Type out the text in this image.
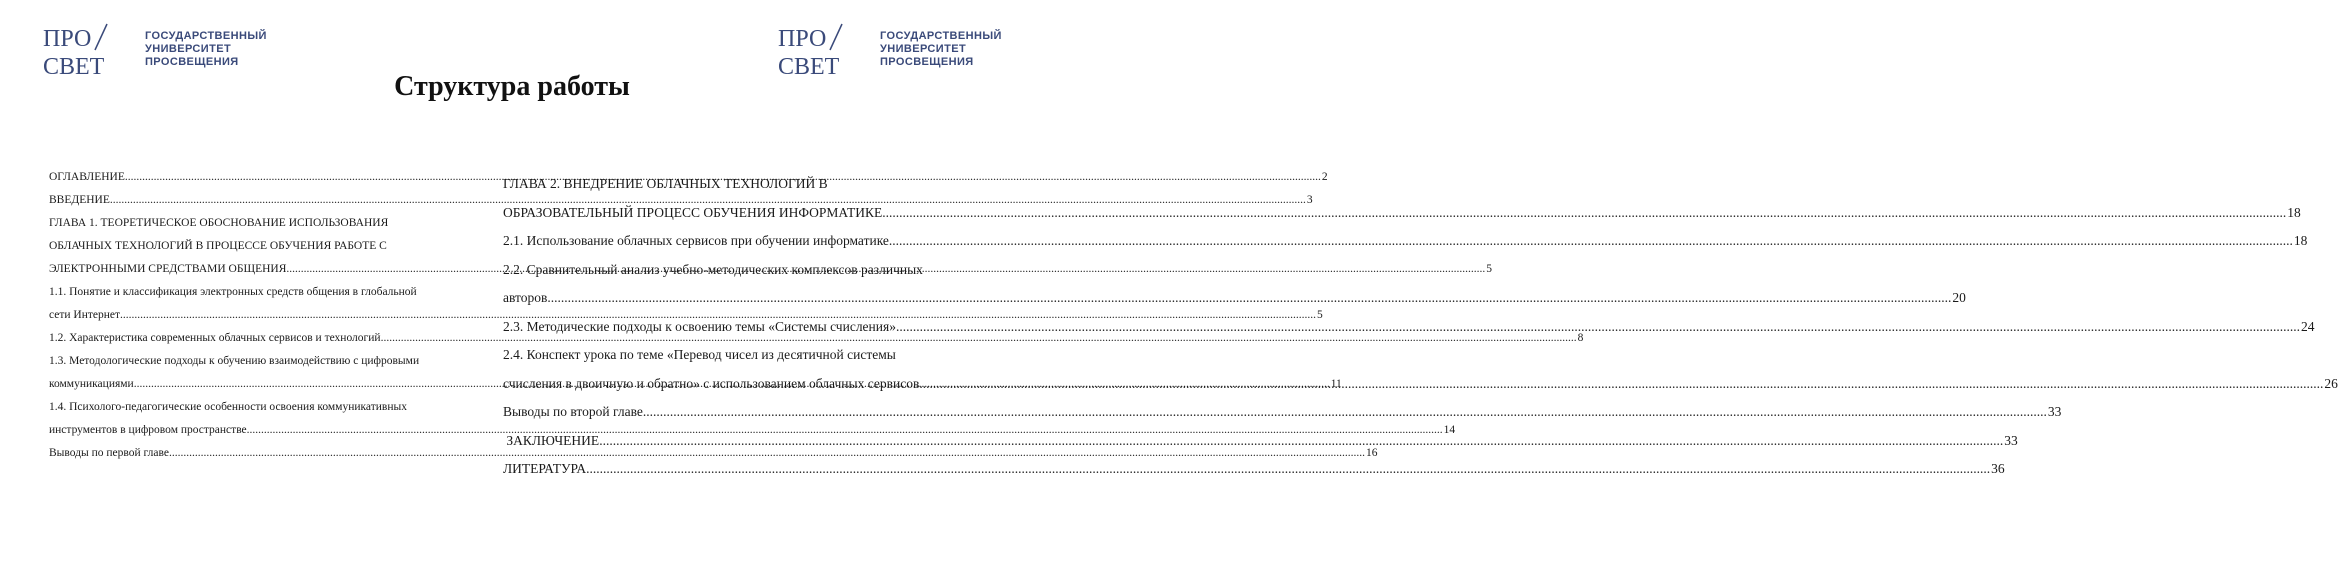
ПРО
СВЕТ
ГОСУДАРСТВЕННЫЙ
УНИВЕРСИТЕТ
ПРОСВЕЩЕНИЯ
ПРО
СВЕТ
ГОСУДАРСТВЕННЫЙ
УНИВЕРСИТЕТ
ПРОСВЕЩЕНИЯ
Структура работы
ОГЛАВЛЕНИЕ .....	2
ВВЕДЕНИЕ .....	3
ГЛАВА 1. ТЕОРЕТИЧЕСКОЕ ОБОСНОВАНИЕ ИСПОЛЬЗОВАНИЯ
ОБЛАЧНЫХ ТЕХНОЛОГИЙ В ПРОЦЕССЕ ОБУЧЕНИЯ РАБОТЕ С
ЭЛЕКТРОННЫМИ СРЕДСТВАМИ ОБЩЕНИЯ. .....	5
1.1. Понятие и классификация электронных средств общения в глобальной
сети Интернет .....	5
1.2. Характеристика современных облачных сервисов и технологий .....	8
1.3. Методологические подходы к обучению взаимодействию с цифровыми
коммуникациями .....	11
1.4. Психолого-педагогические особенности освоения коммуникативных
инструментов в цифровом пространстве .....	14
Выводы по первой главе .....	16
ГЛАВА 2. ВНЕДРЕНИЕ ОБЛАЧНЫХ ТЕХНОЛОГИЙ В
ОБРАЗОВАТЕЛЬНЫЙ ПРОЦЕСС ОБУЧЕНИЯ ИНФОРМАТИКЕ .....	18
2.1. Использование облачных сервисов при обучении информатике .....	18
2.2. Сравнительный анализ учебно-методических комплексов различных
авторов .....	20
2.3. Методические подходы к освоению темы «Системы счисления» .....	24
2.4. Конспект урока по теме «Перевод чисел из десятичной системы
счисления в двоичную и обратно» с использованием облачных сервисов .....	26
Выводы по второй главе .....	33
ЗАКЛЮЧЕНИЕ .....	33
ЛИТЕРАТУРА .....	36
